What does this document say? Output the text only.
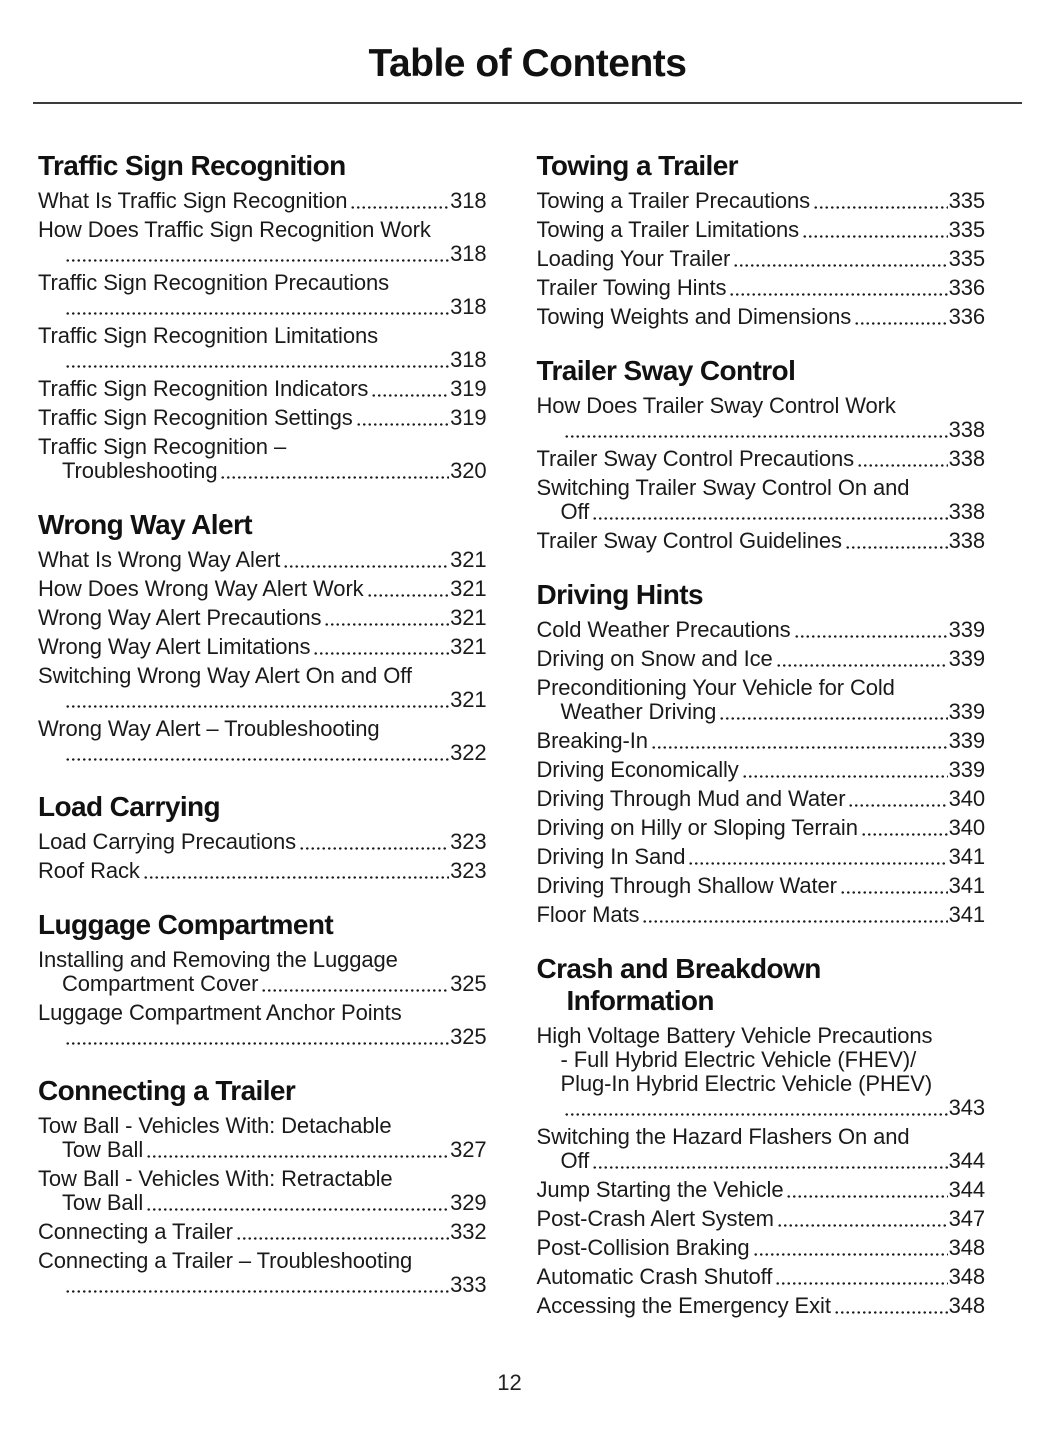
Table of Contents
Traffic Sign Recognition
What Is Traffic Sign Recognition	318
How Does Traffic Sign Recognition Work
318
Traffic Sign Recognition Precautions
318
Traffic Sign Recognition Limitations
318
Traffic Sign Recognition Indicators	319
Traffic Sign Recognition Settings	319
Traffic Sign Recognition –
Troubleshooting	320
Wrong Way Alert
What Is Wrong Way Alert	321
How Does Wrong Way Alert Work	321
Wrong Way Alert Precautions	321
Wrong Way Alert Limitations	321
Switching Wrong Way Alert On and Off
321
Wrong Way Alert – Troubleshooting
322
Load Carrying
Load Carrying Precautions	323
Roof Rack	323
Luggage Compartment
Installing and Removing the Luggage
Compartment Cover	325
Luggage Compartment Anchor Points
325
Connecting a Trailer
Tow Ball - Vehicles With: Detachable
Tow Ball	327
Tow Ball - Vehicles With: Retractable
Tow Ball	329
Connecting a Trailer	332
Connecting a Trailer – Troubleshooting
333
Towing a Trailer
Towing a Trailer Precautions	335
Towing a Trailer Limitations	335
Loading Your Trailer	335
Trailer Towing Hints	336
Towing Weights and Dimensions	336
Trailer Sway Control
How Does Trailer Sway Control Work
338
Trailer Sway Control Precautions	338
Switching Trailer Sway Control On and
Off	338
Trailer Sway Control Guidelines	338
Driving Hints
Cold Weather Precautions	339
Driving on Snow and Ice	339
Preconditioning Your Vehicle for Cold
Weather Driving	339
Breaking-In	339
Driving Economically	339
Driving Through Mud and Water	340
Driving on Hilly or Sloping Terrain	340
Driving In Sand	341
Driving Through Shallow Water	341
Floor Mats	341
Crash and Breakdown Information
High Voltage Battery Vehicle Precautions
- Full Hybrid Electric Vehicle (FHEV)/
Plug-In Hybrid Electric Vehicle (PHEV)
343
Switching the Hazard Flashers On and
Off	344
Jump Starting the Vehicle	344
Post-Crash Alert System	347
Post-Collision Braking	348
Automatic Crash Shutoff	348
Accessing the Emergency Exit	348
12
